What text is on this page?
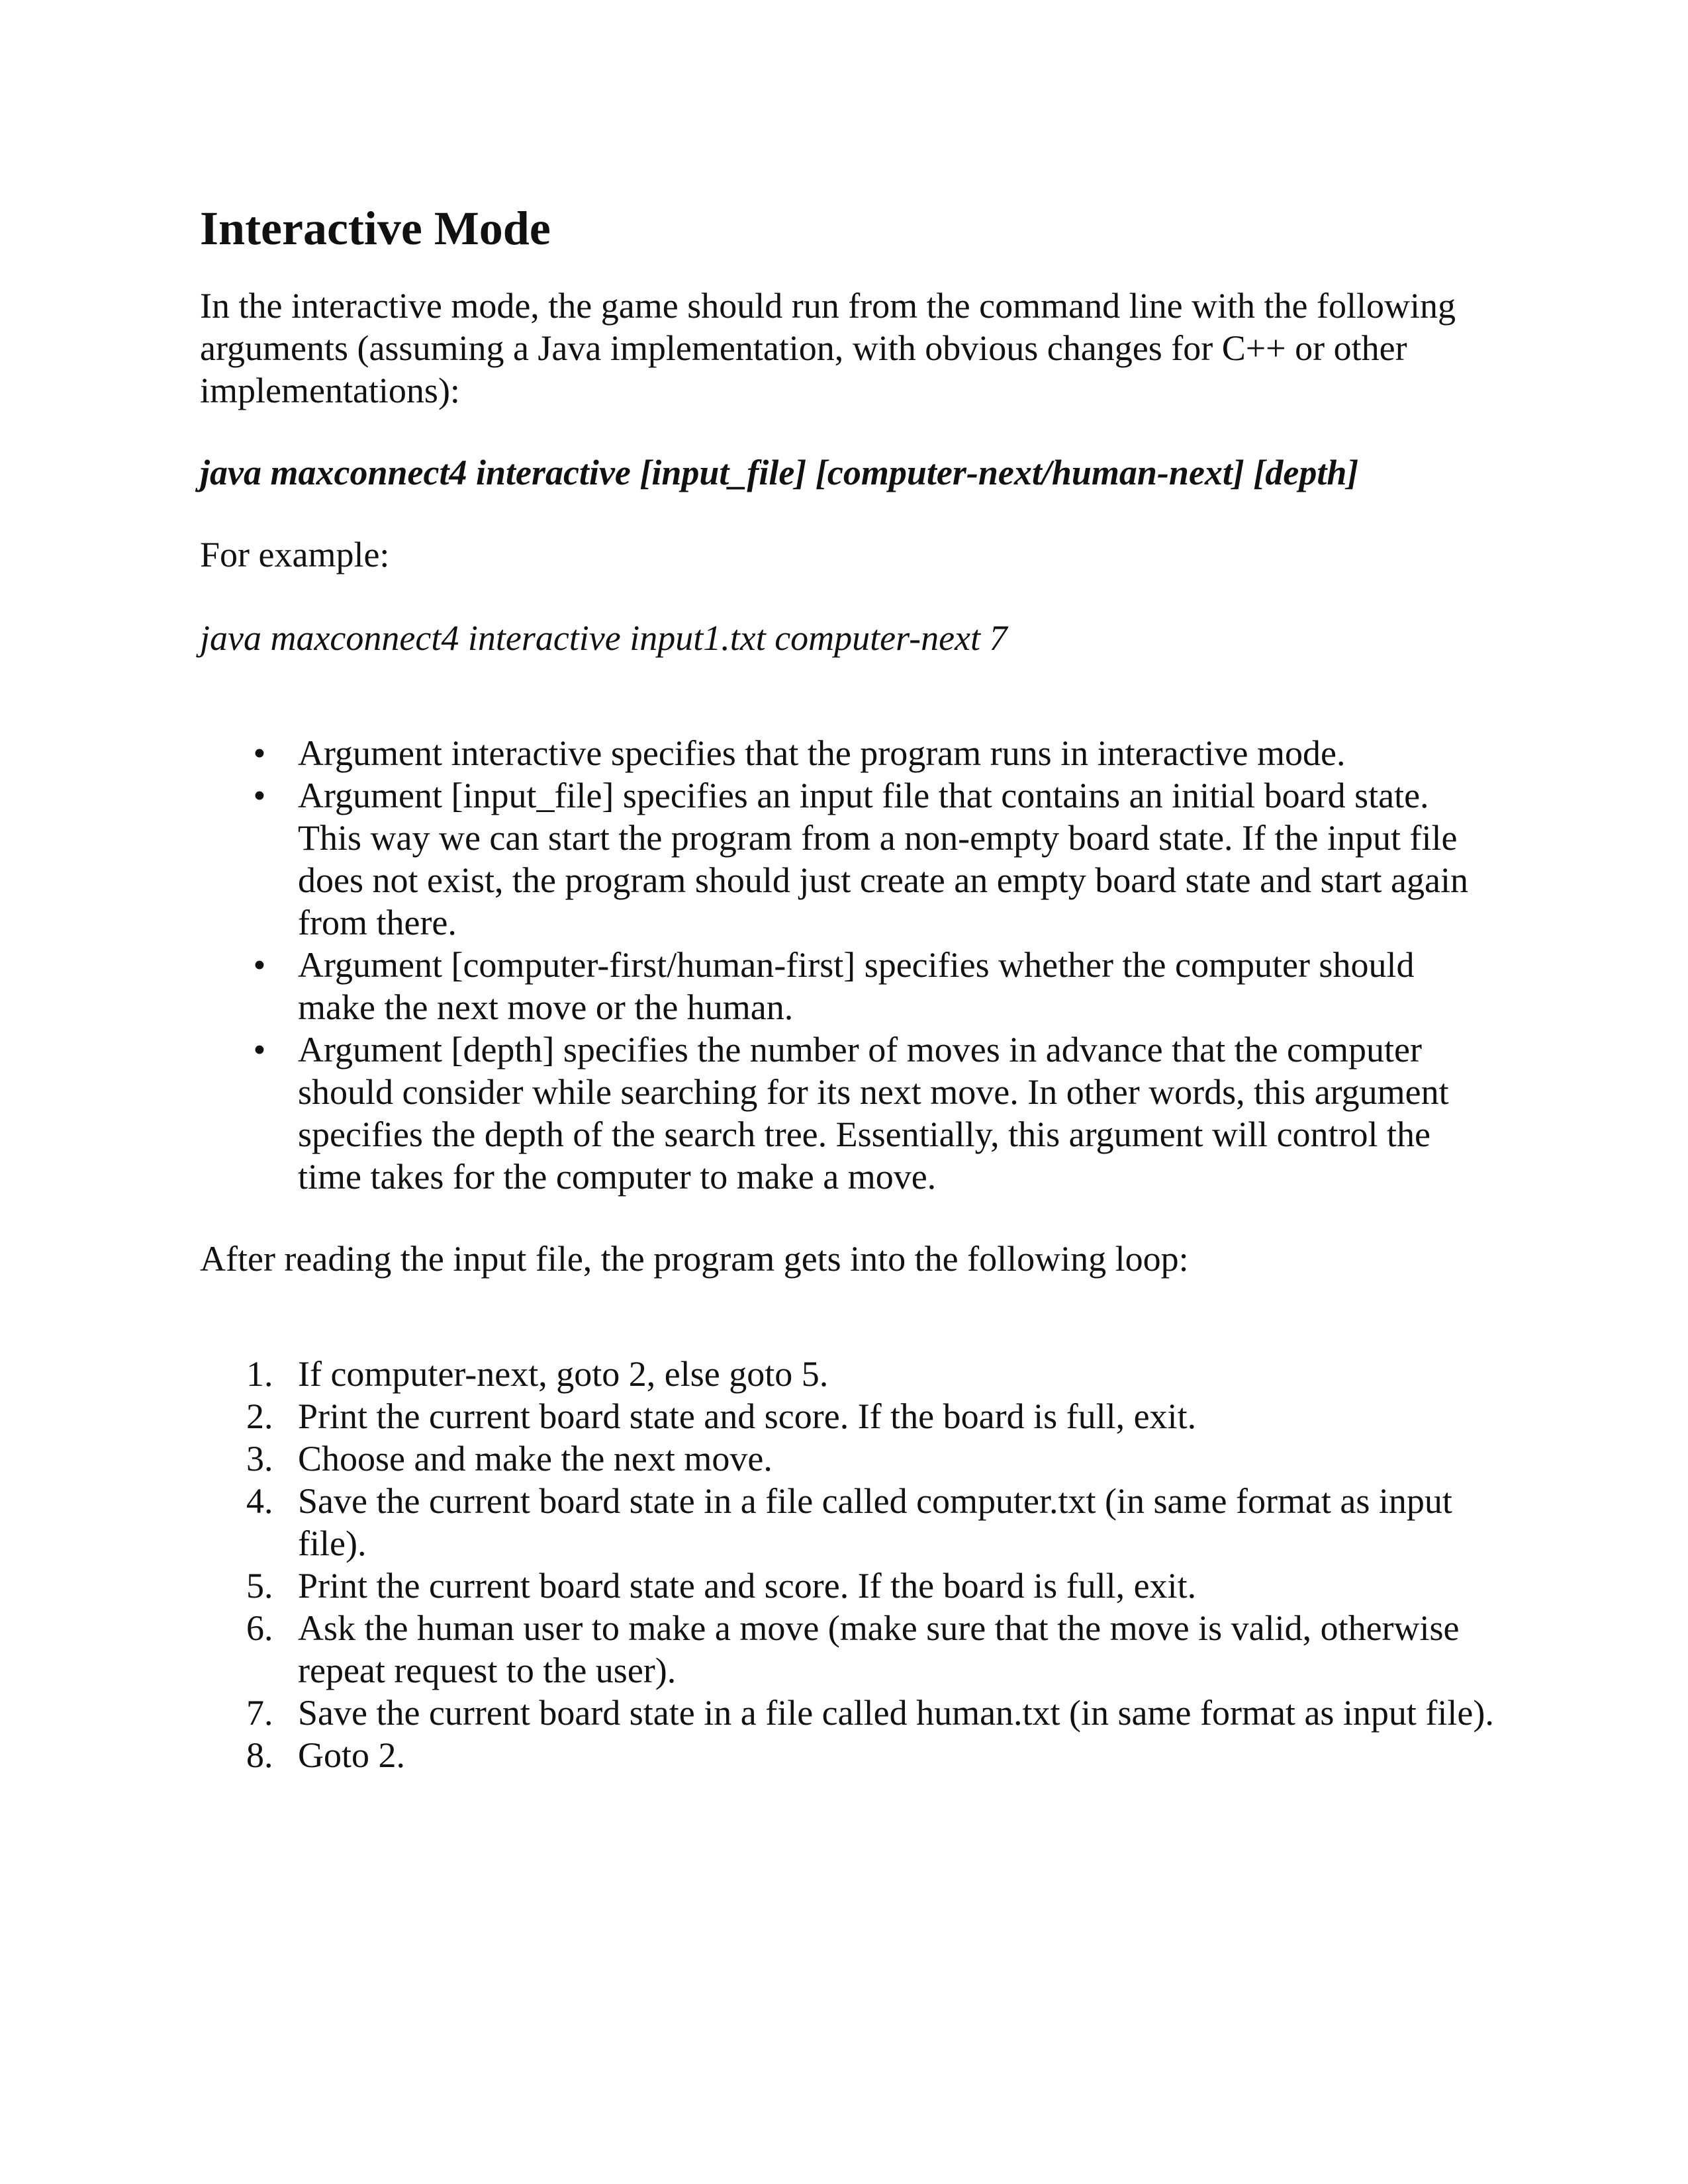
Interactive Mode

In the interactive mode, the game should run from the command line with the following arguments (assuming a Java implementation, with obvious changes for C++ or other implementations):

java maxconnect4 interactive [input_file] [computer-next/human-next] [depth]

For example:

java maxconnect4 interactive input1.txt computer-next 7

• Argument interactive specifies that the program runs in interactive mode.
• Argument [input_file] specifies an input file that contains an initial board state. This way we can start the program from a non-empty board state. If the input file does not exist, the program should just create an empty board state and start again from there.
• Argument [computer-first/human-first] specifies whether the computer should make the next move or the human.
• Argument [depth] specifies the number of moves in advance that the computer should consider while searching for its next move. In other words, this argument specifies the depth of the search tree. Essentially, this argument will control the time takes for the computer to make a move.

After reading the input file, the program gets into the following loop:

1. If computer-next, goto 2, else goto 5.
2. Print the current board state and score. If the board is full, exit.
3. Choose and make the next move.
4. Save the current board state in a file called computer.txt (in same format as input file).
5. Print the current board state and score. If the board is full, exit.
6. Ask the human user to make a move (make sure that the move is valid, otherwise repeat request to the user).
7. Save the current board state in a file called human.txt (in same format as input file).
8. Goto 2.
